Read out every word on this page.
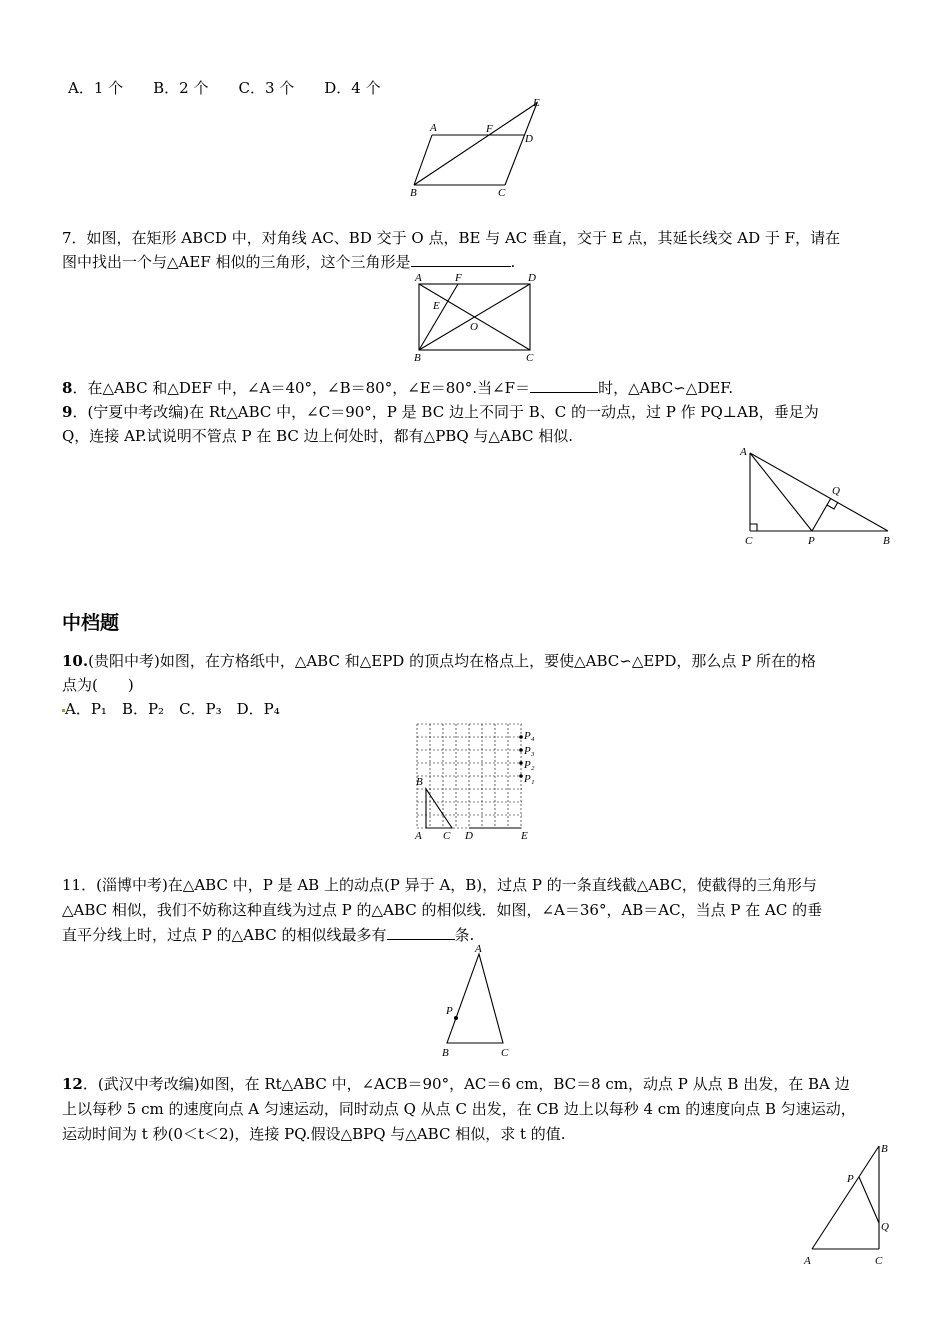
A．1 个　　B．2 个　　C．3 个　　D．4 个
A	F
D
E
B	C
7．如图，在矩形 ABCD 中，对角线 AC、BD 交于 O 点，BE 与 AC 垂直，交于 E 点，其延长线交 AD 于 F，请在
图中找出一个与△AEF 相似的三角形，这个三角形是	.
A	F	D
E
O
B	C
8．在△ABC 和△DEF 中，∠A＝40°，∠B＝80°，∠E＝80°.当∠F＝	时，△ABC∽△DEF.
9．(宁夏中考改编)在 Rt△ABC 中，∠C＝90°，P 是 BC 边上不同于 B、C 的一动点，过 P 作 PQ⊥AB，垂足为
Q，连接 AP.试说明不管点 P 在 BC 边上何处时，都有△PBQ 与△ABC 相似.
A
Q
C	P	B
中档题
10.(贵阳中考)如图，在方格纸中，△ABC 和△EPD 的顶点均在格点上，要使△ABC∽△EPD，那么点 P 所在的格
点为(　　)
A．P₁　B．P₂　C．P₃　D．P₄
P₄
P₃
P₂
P₁
B
A C D	E
11．(淄博中考)在△ABC 中，P 是 AB 上的动点(P 异于 A，B)，过点 P 的一条直线截△ABC，使截得的三角形与
△ABC 相似，我们不妨称这种直线为过点 P 的△ABC 的相似线．如图，∠A＝36°，AB＝AC，当点 P 在 AC 的垂
直平分线上时，过点 P 的△ABC 的相似线最多有	条.
A
P
B	C
12．(武汉中考改编)如图，在 Rt△ABC 中，∠ACB＝90°，AC＝6 cm，BC＝8 cm，动点 P 从点 B 出发，在 BA 边
上以每秒 5 cm 的速度向点 A 匀速运动，同时动点 Q 从点 C 出发，在 CB 边上以每秒 4 cm 的速度向点 B 匀速运动，
运动时间为 t 秒(0＜t＜2)，连接 PQ.假设△BPQ 与△ABC 相似，求 t 的值.
B
P
Q
A	C
